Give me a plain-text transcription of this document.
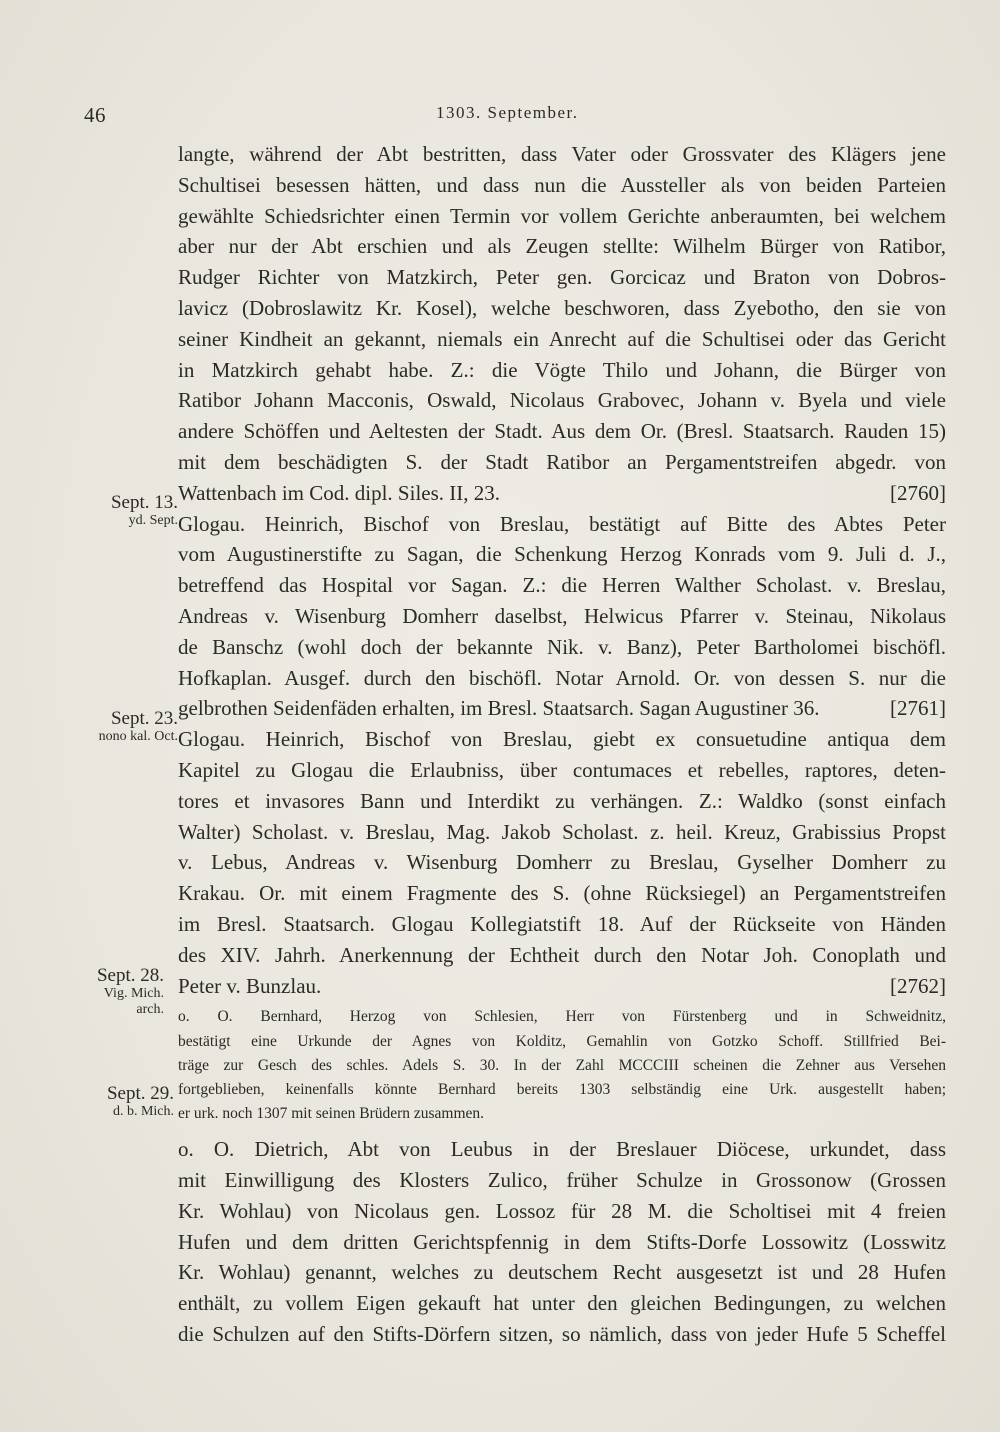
46	1303. September.
Sept. 13.
yd. Sept.
Sept. 23.
nono kal. Oct.
Sept. 28.
Vig. Mich. arch.
Sept. 29.
d. b. Mich.
langte, während der Abt bestritten, dass Vater oder Grossvater des Klägers jene
Schultisei besessen hätten, und dass nun die Aussteller als von beiden Parteien
gewählte Schiedsrichter einen Termin vor vollem Gerichte anberaumten, bei welchem
aber nur der Abt erschien und als Zeugen stellte: Wilhelm Bürger von Ratibor,
Rudger Richter von Matzkirch, Peter gen. Gorcicaz und Braton von Dobros-
lavicz (Dobroslawitz Kr. Kosel), welche beschworen, dass Zyebotho, den sie von
seiner Kindheit an gekannt, niemals ein Anrecht auf die Schultisei oder das Gericht
in Matzkirch gehabt habe. Z.: die Vögte Thilo und Johann, die Bürger von
Ratibor Johann Macconis, Oswald, Nicolaus Grabovec, Johann v. Byela und viele
andere Schöffen und Aeltesten der Stadt. Aus dem Or. (Bresl. Staatsarch. Rauden 15)
mit dem beschädigten S. der Stadt Ratibor an Pergamentstreifen abgedr. von
Wattenbach im Cod. dipl. Siles. II, 23.	[2760]
Glogau. Heinrich, Bischof von Breslau, bestätigt auf Bitte des Abtes Peter
vom Augustinerstifte zu Sagan, die Schenkung Herzog Konrads vom 9. Juli d. J.,
betreffend das Hospital vor Sagan. Z.: die Herren Walther Scholast. v. Breslau,
Andreas v. Wisenburg Domherr daselbst, Helwicus Pfarrer v. Steinau, Nikolaus
de Banschz (wohl doch der bekannte Nik. v. Banz), Peter Bartholomei bischöfl.
Hofkaplan. Ausgef. durch den bischöfl. Notar Arnold. Or. von dessen S. nur die
gelbrothen Seidenfäden erhalten, im Bresl. Staatsarch. Sagan Augustiner 36.	[2761]
Glogau. Heinrich, Bischof von Breslau, giebt ex consuetudine antiqua dem
Kapitel zu Glogau die Erlaubniss, über contumaces et rebelles, raptores, deten-
tores et invasores Bann und Interdikt zu verhängen. Z.: Waldko (sonst einfach
Walter) Scholast. v. Breslau, Mag. Jakob Scholast. z. heil. Kreuz, Grabissius Propst
v. Lebus, Andreas v. Wisenburg Domherr zu Breslau, Gyselher Domherr zu
Krakau. Or. mit einem Fragmente des S. (ohne Rücksiegel) an Pergamentstreifen
im Bresl. Staatsarch. Glogau Kollegiatstift 18. Auf der Rückseite von Händen
des XIV. Jahrh. Anerkennung der Echtheit durch den Notar Joh. Conoplath und
Peter v. Bunzlau.	[2762]
o. O. Bernhard, Herzog von Schlesien, Herr von Fürstenberg und in Schweidnitz,
bestätigt eine Urkunde der Agnes von Kolditz, Gemahlin von Gotzko Schoff. Stillfried Bei-
träge zur Gesch des schles. Adels S. 30. In der Zahl MCCCIII scheinen die Zehner aus Versehen
fortgeblieben, keinenfalls könnte Bernhard bereits 1303 selbständig eine Urk. ausgestellt haben;
er urk. noch 1307 mit seinen Brüdern zusammen.
o. O. Dietrich, Abt von Leubus in der Breslauer Diöcese, urkundet, dass
mit Einwilligung des Klosters Zulico, früher Schulze in Grossonow (Grossen
Kr. Wohlau) von Nicolaus gen. Lossoz für 28 M. die Scholtisei mit 4 freien
Hufen und dem dritten Gerichtspfennig in dem Stifts-Dorfe Lossowitz (Losswitz
Kr. Wohlau) genannt, welches zu deutschem Recht ausgesetzt ist und 28 Hufen
enthält, zu vollem Eigen gekauft hat unter den gleichen Bedingungen, zu welchen
die Schulzen auf den Stifts-Dörfern sitzen, so nämlich, dass von jeder Hufe 5 Scheffel
